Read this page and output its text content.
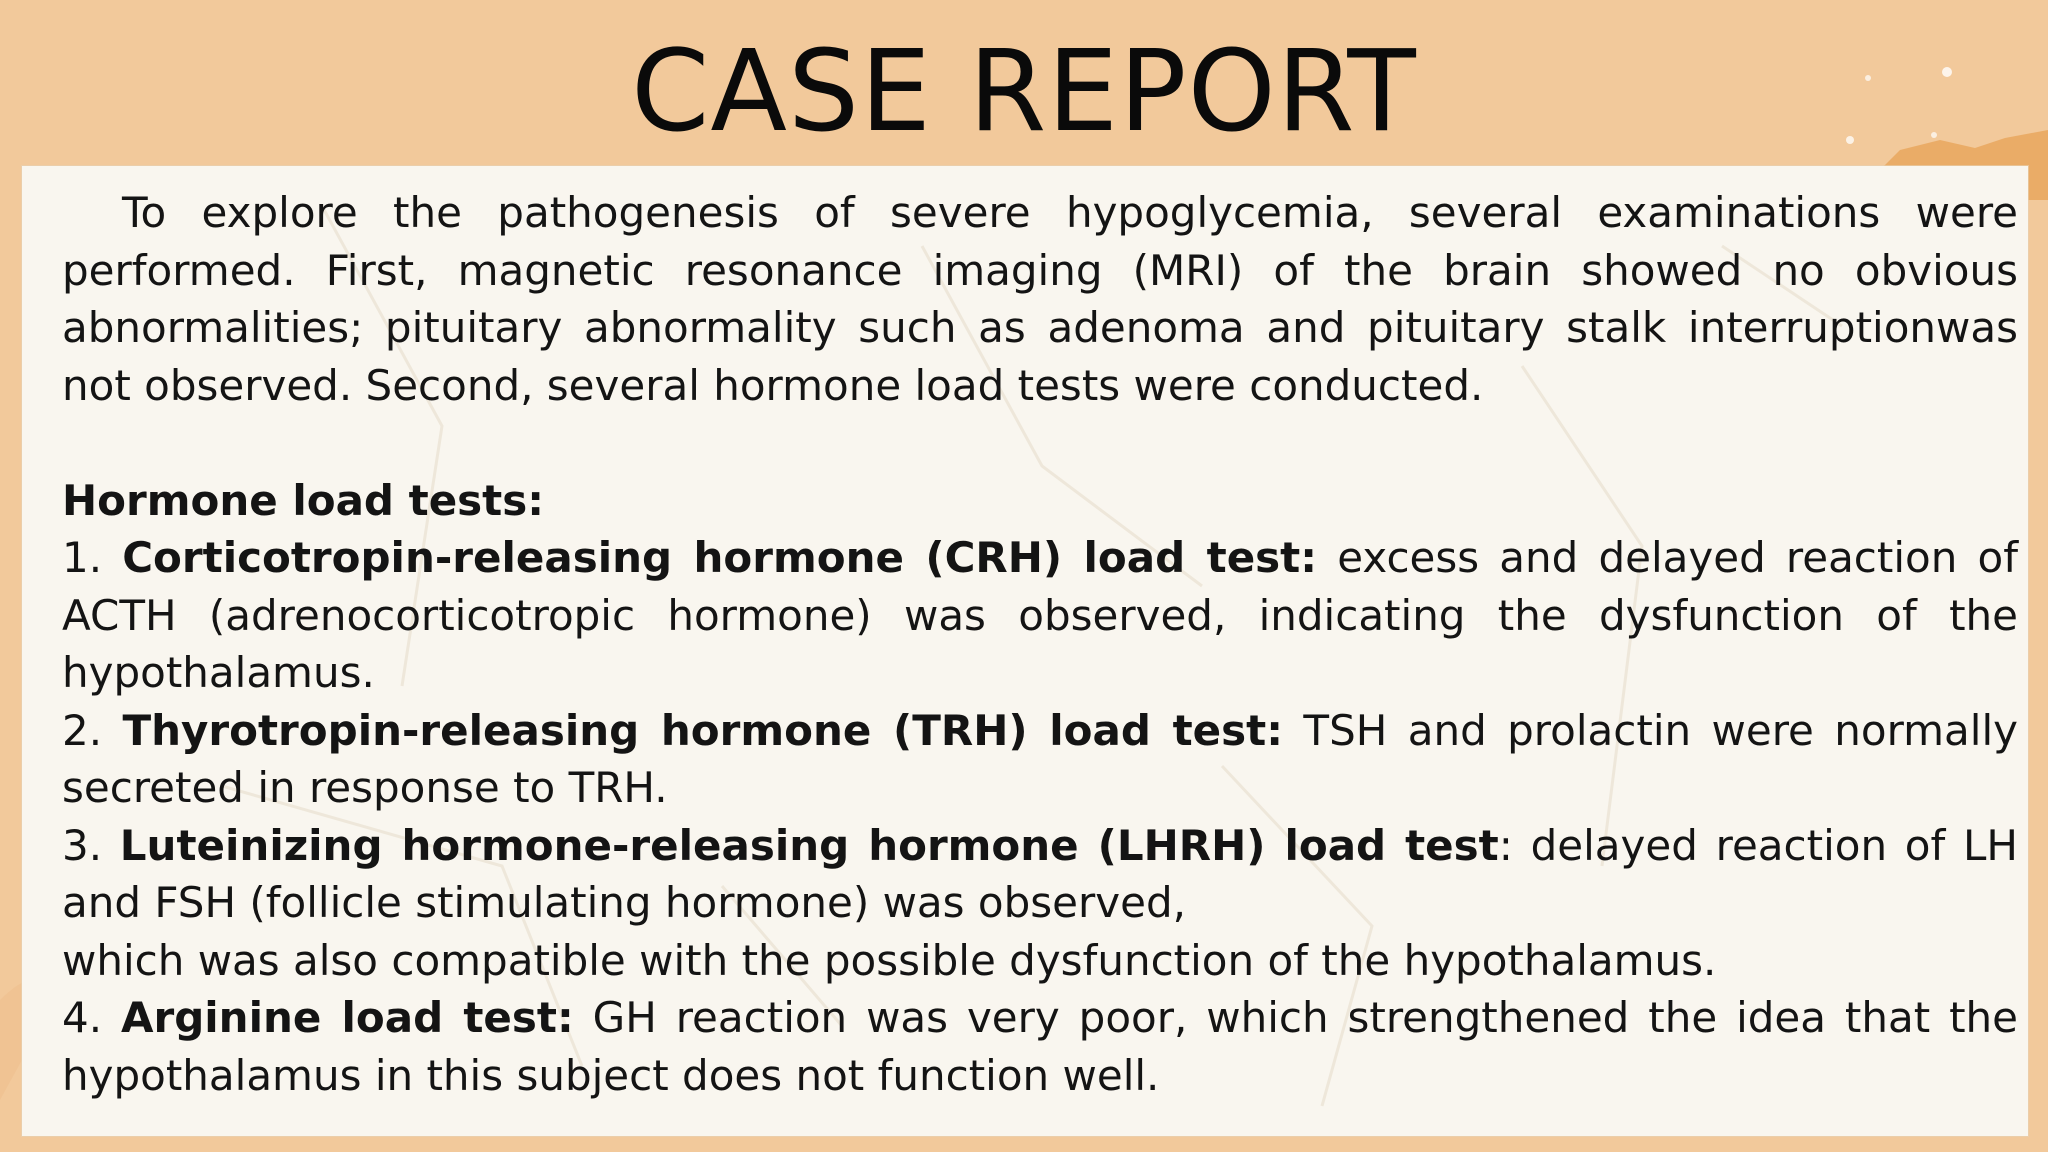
CASE REPORT

To explore the pathogenesis of severe hypoglycemia, several examinations were performed. First, magnetic resonance imaging (MRI) of the brain showed no obvious abnormalities; pituitary abnormality such as adenoma and pituitary stalk interruptionwas not observed. Second, several hormone load tests were conducted.

Hormone load tests:

1. Corticotropin-releasing hormone (CRH) load test: excess and delayed reaction of ACTH (adrenocorticotropic hormone) was observed, indicating the dysfunction of the hypothalamus.

2. Thyrotropin-releasing hormone (TRH) load test: TSH and prolactin were normally secreted in response to TRH.

3. Luteinizing hormone-releasing hormone (LHRH) load test: delayed reaction of LH and FSH (follicle stimulating hormone) was observed,

which was also compatible with the possible dysfunction of the hypothalamus.

4. Arginine load test: GH reaction was very poor, which strengthened the idea that the hypothalamus in this subject does not function well.
